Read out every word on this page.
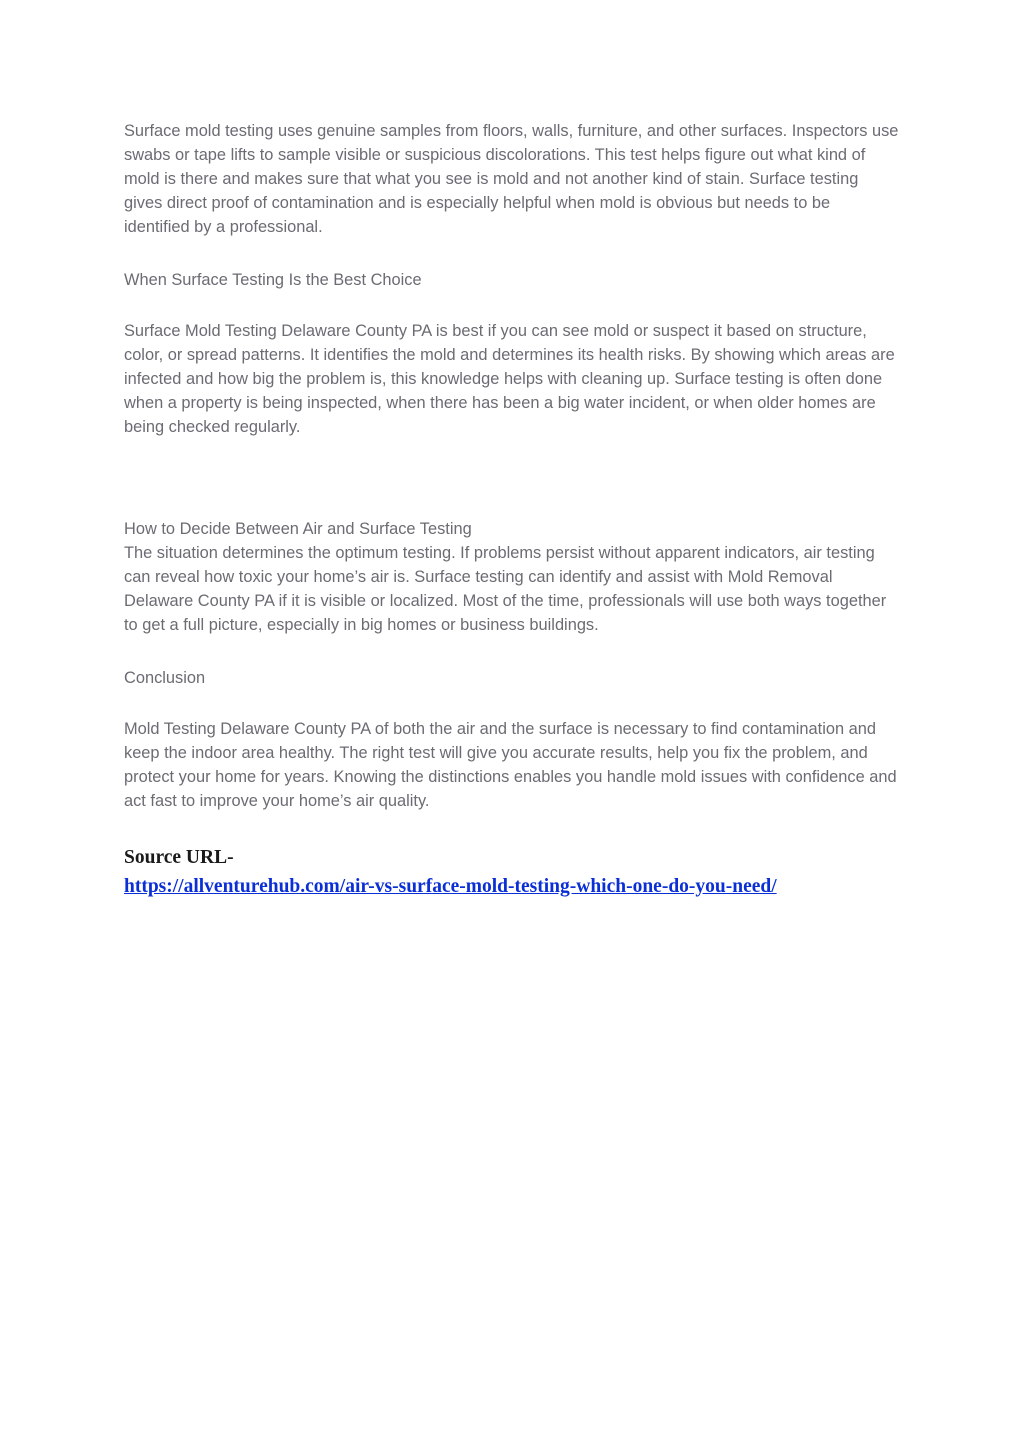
Surface mold testing uses genuine samples from floors, walls, furniture, and other surfaces. Inspectors use swabs or tape lifts to sample visible or suspicious discolorations. This test helps figure out what kind of mold is there and makes sure that what you see is mold and not another kind of stain. Surface testing gives direct proof of contamination and is especially helpful when mold is obvious but needs to be identified by a professional.

When Surface Testing Is the Best Choice

Surface Mold Testing Delaware County PA is best if you can see mold or suspect it based on structure, color, or spread patterns. It identifies the mold and determines its health risks. By showing which areas are infected and how big the problem is, this knowledge helps with cleaning up. Surface testing is often done when a property is being inspected, when there has been a big water incident, or when older homes are being checked regularly.

How to Decide Between Air and Surface Testing

The situation determines the optimum testing. If problems persist without apparent indicators, air testing can reveal how toxic your home’s air is. Surface testing can identify and assist with Mold Removal Delaware County PA if it is visible or localized. Most of the time, professionals will use both ways together to get a full picture, especially in big homes or business buildings.

Conclusion

Mold Testing Delaware County PA of both the air and the surface is necessary to find contamination and keep the indoor area healthy. The right test will give you accurate results, help you fix the problem, and protect your home for years. Knowing the distinctions enables you handle mold issues with confidence and act fast to improve your home’s air quality.

Source URL-
https://allventurehub.com/air-vs-surface-mold-testing-which-one-do-you-need/
